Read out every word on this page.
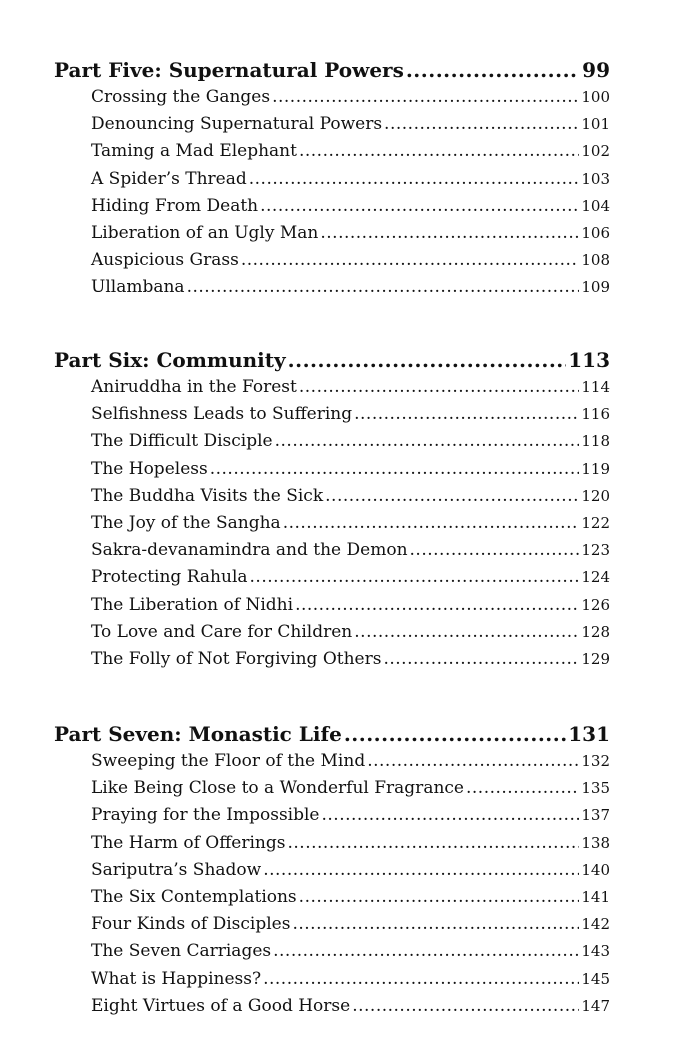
Part Five: Supernatural Powers .....	99
Crossing the Ganges .....	100
Denouncing Supernatural Powers .....	101
Taming a Mad Elephant .....	102
A Spider’s Thread .....	103
Hiding From Death .....	104
Liberation of an Ugly Man .....	106
Auspicious Grass .....	108
Ullambana .....	109
Part Six: Community .....	113
Aniruddha in the Forest .....	114
Selfishness Leads to Suffering .....	116
The Difficult Disciple .....	118
The Hopeless .....	119
The Buddha Visits the Sick .....	120
The Joy of the Sangha .....	122
Sakra-devanamindra and the Demon .....	123
Protecting Rahula .....	124
The Liberation of Nidhi .....	126
To Love and Care for Children .....	128
The Folly of Not Forgiving Others .....	129
Part Seven: Monastic Life .....	131
Sweeping the Floor of the Mind .....	132
Like Being Close to a Wonderful Fragrance .....	135
Praying for the Impossible .....	137
The Harm of Offerings .....	138
Sariputra’s Shadow .....	140
The Six Contemplations .....	141
Four Kinds of Disciples .....	142
The Seven Carriages .....	143
What is Happiness? .....	145
Eight Virtues of a Good Horse .....	147
